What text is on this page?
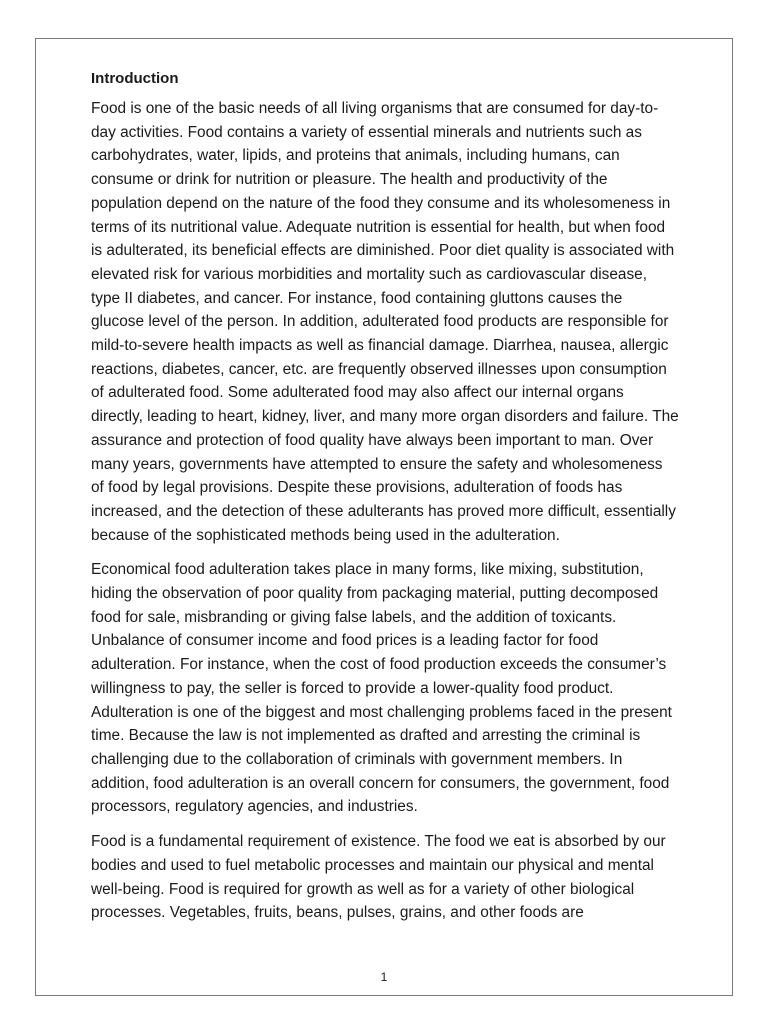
Introduction

Food is one of the basic needs of all living organisms that are consumed for day-to-day activities. Food contains a variety of essential minerals and nutrients such as carbohydrates, water, lipids, and proteins that animals, including humans, can consume or drink for nutrition or pleasure. The health and productivity of the population depend on the nature of the food they consume and its wholesomeness in terms of its nutritional value. Adequate nutrition is essential for health, but when food is adulterated, its beneficial effects are diminished. Poor diet quality is associated with elevated risk for various morbidities and mortality such as cardiovascular disease, type II diabetes, and cancer. For instance, food containing gluttons causes the glucose level of the person. In addition, adulterated food products are responsible for mild-to-severe health impacts as well as financial damage. Diarrhea, nausea, allergic reactions, diabetes, cancer, etc. are frequently observed illnesses upon consumption of adulterated food. Some adulterated food may also affect our internal organs directly, leading to heart, kidney, liver, and many more organ disorders and failure. The assurance and protection of food quality have always been important to man. Over many years, governments have attempted to ensure the safety and wholesomeness of food by legal provisions. Despite these provisions, adulteration of foods has increased, and the detection of these adulterants has proved more difficult, essentially because of the sophisticated methods being used in the adulteration.

Economical food adulteration takes place in many forms, like mixing, substitution, hiding the observation of poor quality from packaging material, putting decomposed food for sale, misbranding or giving false labels, and the addition of toxicants. Unbalance of consumer income and food prices is a leading factor for food adulteration. For instance, when the cost of food production exceeds the consumer’s willingness to pay, the seller is forced to provide a lower-quality food product. Adulteration is one of the biggest and most challenging problems faced in the present time. Because the law is not implemented as drafted and arresting the criminal is challenging due to the collaboration of criminals with government members. In addition, food adulteration is an overall concern for consumers, the government, food processors, regulatory agencies, and industries.

Food is a fundamental requirement of existence. The food we eat is absorbed by our bodies and used to fuel metabolic processes and maintain our physical and mental well-being. Food is required for growth as well as for a variety of other biological processes. Vegetables, fruits, beans, pulses, grains, and other foods are

1
